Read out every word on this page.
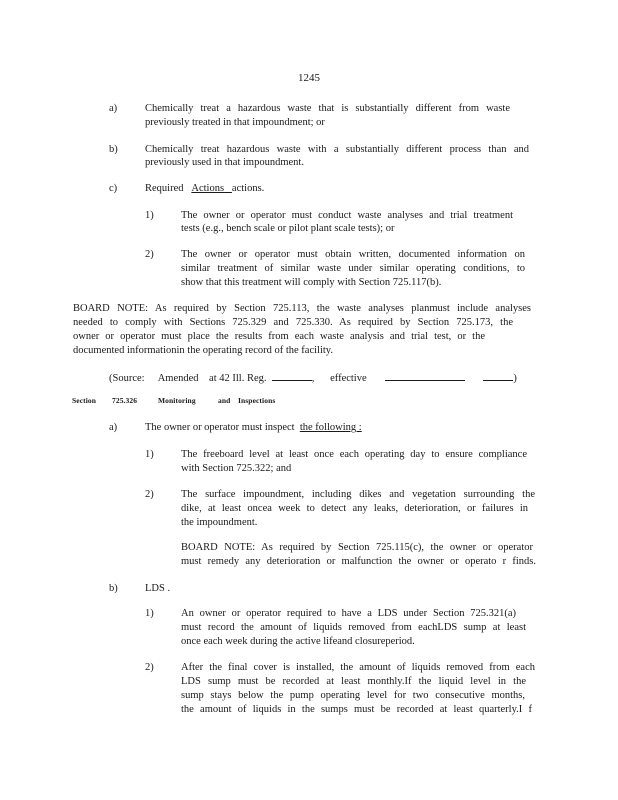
1245
a)	Chemically treat a hazardous waste that is substantially different from waste
previously treated in that impoundment; or
b)	Chemically treat hazardous waste with a substantially different process than and
previously used in that impoundment.
c)	Required Actions actions.
1)	The owner or operator must conduct waste analyses and trial treatment
tests (e.g., bench scale or pilot plant scale tests); or
2)	The owner or operator must obtain written, documented information on
similar treatment of similar waste under similar operating conditions, to
show that this treatment will comply with Section 725.117(b).
BOARD NOTE: As required by Section 725.113, the waste analyses planmust include analyses
needed to comply with Sections 725.329 and 725.330. As required by Section 725.173, the
owner or operator must place the results from each waste analysis and trial test, or the
documented informationin the operating record of the facility.
(Source: Amended at 42 Ill. Reg.	, effective	)
Section 725.326	Monitoring	and Inspections
a)	The owner or operator must inspect the following :
1)	The freeboard level at least once each operating day to ensure compliance
with Section 725.322; and
2)	The surface impoundment, including dikes and vegetation surrounding the
dike, at least oncea week to detect any leaks, deterioration, or failures in
the impoundment.
BOARD NOTE: As required by Section 725.115(c), the owner or operator
must remedy any deterioration or malfunction the owner or operato r finds.
b)	LDS .
1)	An owner or operator required to have a LDS under Section 725.321(a)
must record the amount of liquids removed from eachLDS sump at least
once each week during the active lifeand closureperiod.
2)	After the final cover is installed, the amount of liquids removed from each
LDS sump must be recorded at least monthly.If the liquid level in the
sump stays below the pump operating level for two consecutive months,
the amount of liquids in the sumps must be recorded at least quarterly.I f
